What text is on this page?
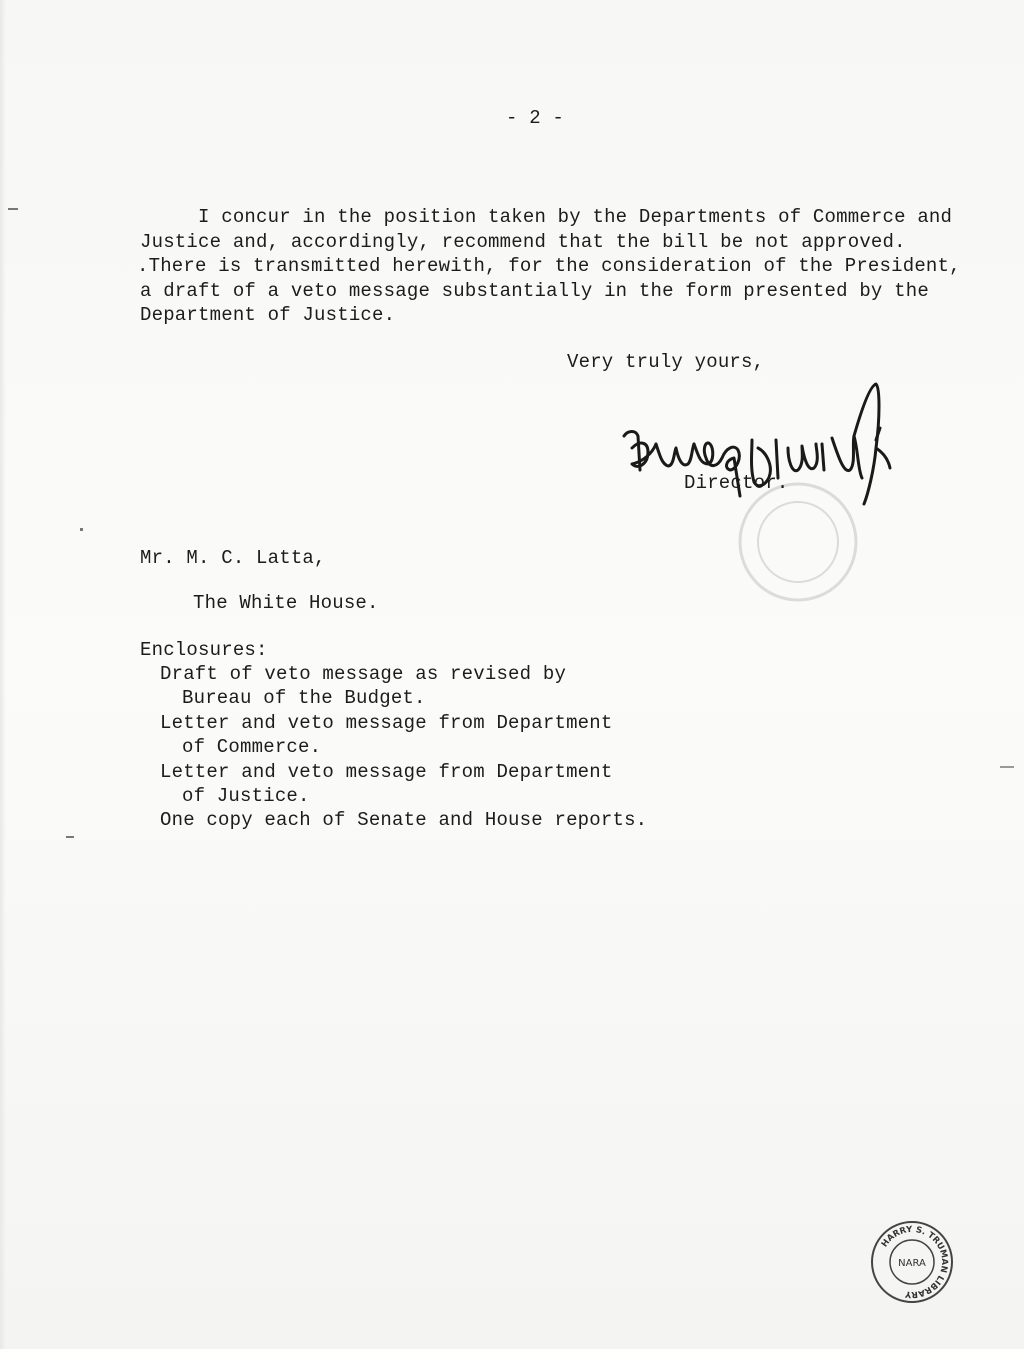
- 2 -
I concur in the position taken by the Departments of Commerce and
Justice and, accordingly, recommend that the bill be not approved.
.There is transmitted herewith, for the consideration of the President,
a draft of a veto message substantially in the form presented by the
Department of Justice.
Very truly yours,
Director.
Mr. M. C. Latta,
The White House.
Enclosures:
Draft of veto message as revised by
Bureau of the Budget.
Letter and veto message from Department
of Commerce.
Letter and veto message from Department
of Justice.
One copy each of Senate and House reports.
HARRY S. TRUMAN LIBRARY
NARA
